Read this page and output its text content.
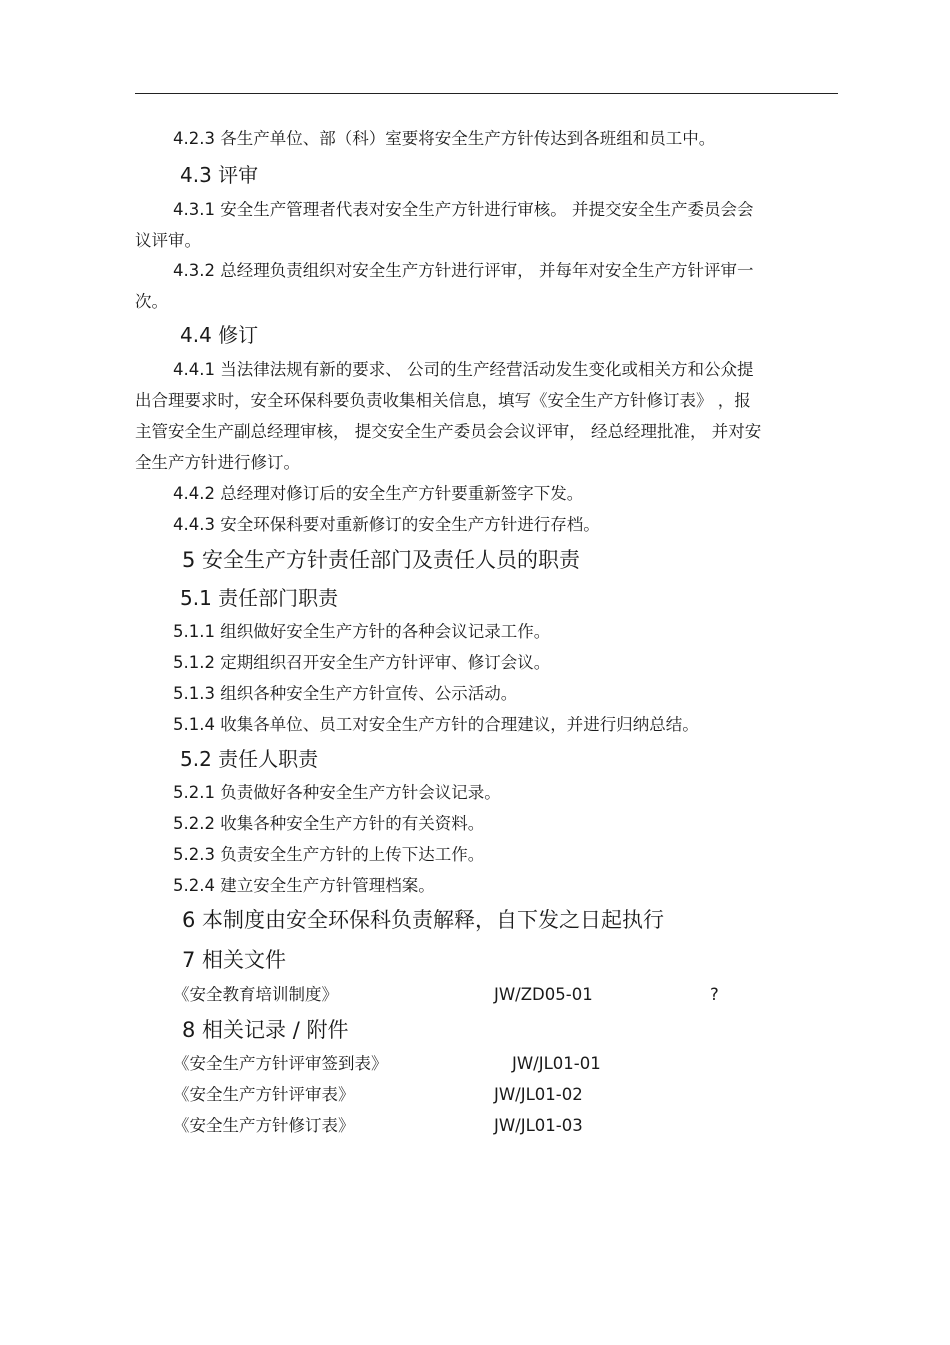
4.2.3 各生产单位、部（科）室要将安全生产方针传达到各班组和员工中。
4.3 评审
4.3.1 安全生产管理者代表对安全生产方针进行审核。 并提交安全生产委员会会
议评审。
4.3.2 总经理负责组织对安全生产方针进行评审， 并每年对安全生产方针评审一
次。
4.4 修订
4.4.1 当法律法规有新的要求、 公司的生产经营活动发生变化或相关方和公众提
出合理要求时，安全环保科要负责收集相关信息，填写《安全生产方针修订表》 ，报
主管安全生产副总经理审核， 提交安全生产委员会会议评审， 经总经理批准， 并对安
全生产方针进行修订。
4.4.2 总经理对修订后的安全生产方针要重新签字下发。
4.4.3 安全环保科要对重新修订的安全生产方针进行存档。
5 安全生产方针责任部门及责任人员的职责
5.1 责任部门职责
5.1.1 组织做好安全生产方针的各种会议记录工作。
5.1.2 定期组织召开安全生产方针评审、修订会议。
5.1.3 组织各种安全生产方针宣传、公示活动。
5.1.4 收集各单位、员工对安全生产方针的合理建议，并进行归纳总结。
5.2 责任人职责
5.2.1 负责做好各种安全生产方针会议记录。
5.2.2 收集各种安全生产方针的有关资料。
5.2.3 负责安全生产方针的上传下达工作。
5.2.4 建立安全生产方针管理档案。
6 本制度由安全环保科负责解释，自下发之日起执行
7 相关文件
《安全教育培训制度》	JW/ZD05-01	?
8 相关记录 / 附件
《安全生产方针评审签到表》	JW/JL01-01
《安全生产方针评审表》	JW/JL01-02
《安全生产方针修订表》	JW/JL01-03
